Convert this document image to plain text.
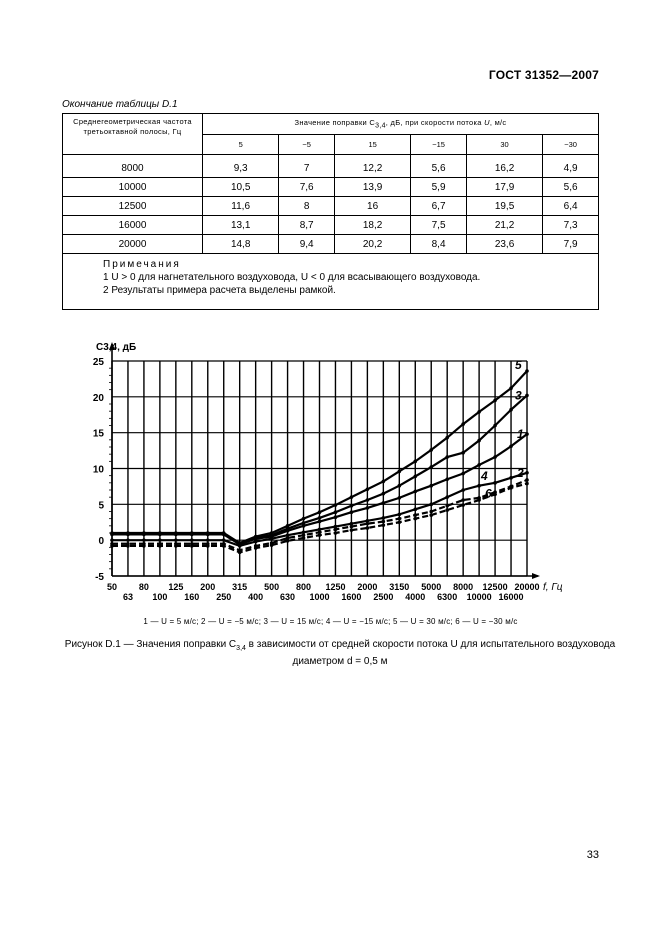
ГОСТ 31352—2007
Окончание таблицы D.1
Среднегеометрическая частота третьоктавной полосы, Гц	Значение поправки $C_{3,4}$, дБ, при скорости потока U, м/с					
	5	−5	15	−15	30	−30
8000	9,3	7	12,2	5,6	16,2	4,9
10000	10,5	7,6	13,9	5,9	17,9	5,6
12500	11,6	8	16	6,7	19,5	6,4
16000	13,1	8,7	18,2	7,5	21,2	7,3
20000	14,8	9,4	20,2	8,4	23,6	7,9

Примечания
1 U > 0 для нагнетательного воздуховода, U < 0 для всасывающего воздуховода.
2 Результаты примера расчета выделены рамкой.						
25
20
15
10
5
0
-5
50 80 125 200 315 500 800 1250 2000 3150 5000 8000 12500 20000
63 100 160 250 400 630 1000 1600 2500 4000 6300 10000 16000
C3,4, дБ
f, Гц
1
2
3
4
5
6
1 — U = 5 м/с; 2 — U = −5 м/с; 3 — U = 15 м/с; 4 — U = −15 м/с; 5 — U = 30 м/с; 6 — U = −30 м/с
Рисунок D.1 — Значения поправки $C_{3,4}$ в зависимости от средней скорости потока U для испытательного воздуховода диаметром d = 0,5 м
33
